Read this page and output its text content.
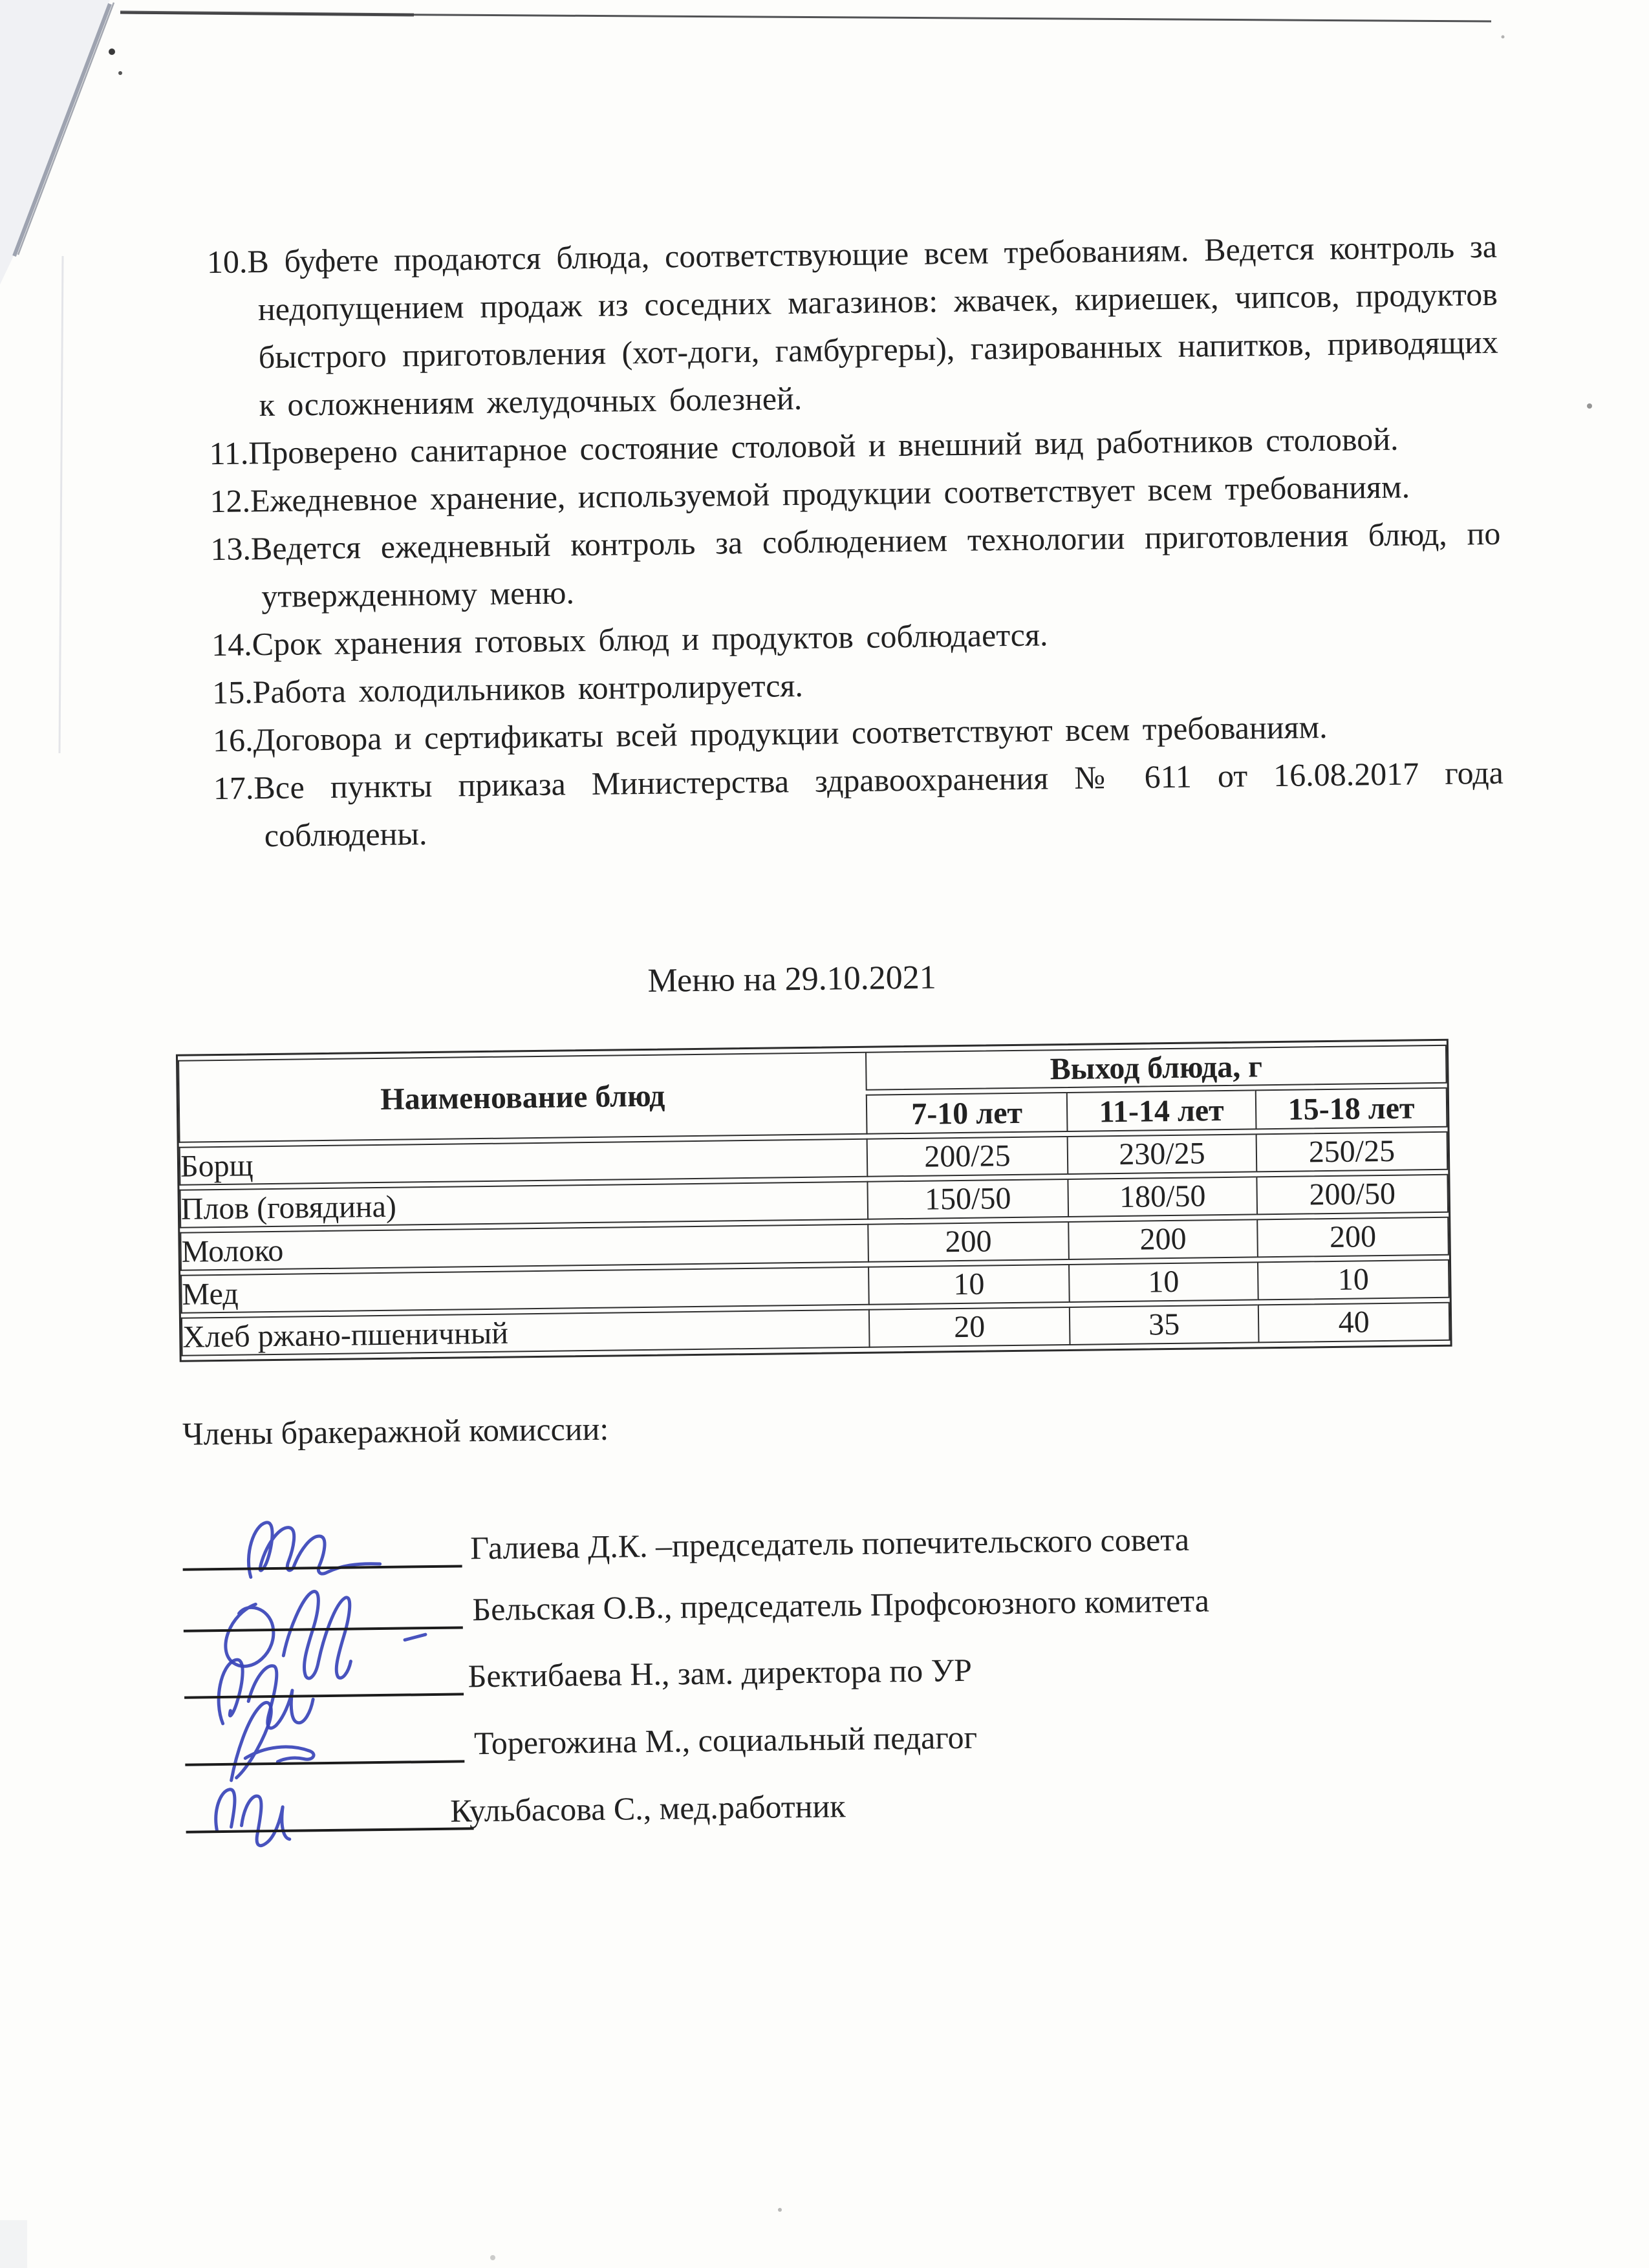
10.В буфете продаются блюда, соответствующие всем требованиям. Ведется контроль за недопущением продаж из соседних магазинов: жвачек, кириешек, чипсов, продуктов быстрого приготовления (хот-доги, гамбургеры), газированных напитков, приводящих к осложнениям желудочных болезней.
11.Проверено санитарное состояние столовой и внешний вид работников столовой.
12.Ежедневное хранение, используемой продукции соответствует всем требованиям.
13.Ведется ежедневный контроль за соблюдением технологии приготовления блюд, по утвержденному меню.
14.Срок хранения готовых блюд и продуктов соблюдается.
15.Работа холодильников контролируется.
16.Договора и сертификаты всей продукции соответствуют всем требованиям.
17.Все пункты приказа Министерства здравоохранения № 611 от 16.08.2017 года соблюдены.
Меню на 29.10.2021
Наименование блюд	Выход блюда, г		
	7-10 лет	11-14 лет	15-18 лет
Борщ	200/25	230/25	250/25
Плов (говядина)	150/50	180/50	200/50
Молоко	200	200	200
Мед	10	10	10
Хлеб ржано-пшеничный	20	35	40
Члены бракеражной комиссии:
Галиева Д.К. –председатель попечительского совета
Бельская О.В., председатель Профсоюзного комитета
Бектибаева Н., зам. директора по УР
Торегожина М., социальный педагог
Кульбасова С., мед.работник
